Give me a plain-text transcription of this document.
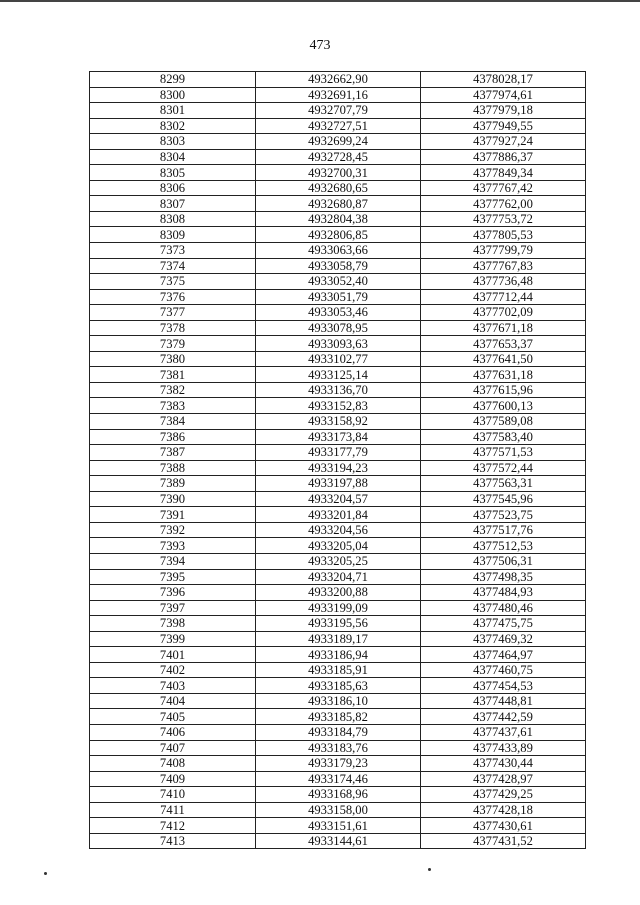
473
8299	4932662,90	4378028,17
8300	4932691,16	4377974,61
8301	4932707,79	4377979,18
8302	4932727,51	4377949,55
8303	4932699,24	4377927,24
8304	4932728,45	4377886,37
8305	4932700,31	4377849,34
8306	4932680,65	4377767,42
8307	4932680,87	4377762,00
8308	4932804,38	4377753,72
8309	4932806,85	4377805,53
7373	4933063,66	4377799,79
7374	4933058,79	4377767,83
7375	4933052,40	4377736,48
7376	4933051,79	4377712,44
7377	4933053,46	4377702,09
7378	4933078,95	4377671,18
7379	4933093,63	4377653,37
7380	4933102,77	4377641,50
7381	4933125,14	4377631,18
7382	4933136,70	4377615,96
7383	4933152,83	4377600,13
7384	4933158,92	4377589,08
7386	4933173,84	4377583,40
7387	4933177,79	4377571,53
7388	4933194,23	4377572,44
7389	4933197,88	4377563,31
7390	4933204,57	4377545,96
7391	4933201,84	4377523,75
7392	4933204,56	4377517,76
7393	4933205,04	4377512,53
7394	4933205,25	4377506,31
7395	4933204,71	4377498,35
7396	4933200,88	4377484,93
7397	4933199,09	4377480,46
7398	4933195,56	4377475,75
7399	4933189,17	4377469,32
7401	4933186,94	4377464,97
7402	4933185,91	4377460,75
7403	4933185,63	4377454,53
7404	4933186,10	4377448,81
7405	4933185,82	4377442,59
7406	4933184,79	4377437,61
7407	4933183,76	4377433,89
7408	4933179,23	4377430,44
7409	4933174,46	4377428,97
7410	4933168,96	4377429,25
7411	4933158,00	4377428,18
7412	4933151,61	4377430,61
7413	4933144,61	4377431,52
